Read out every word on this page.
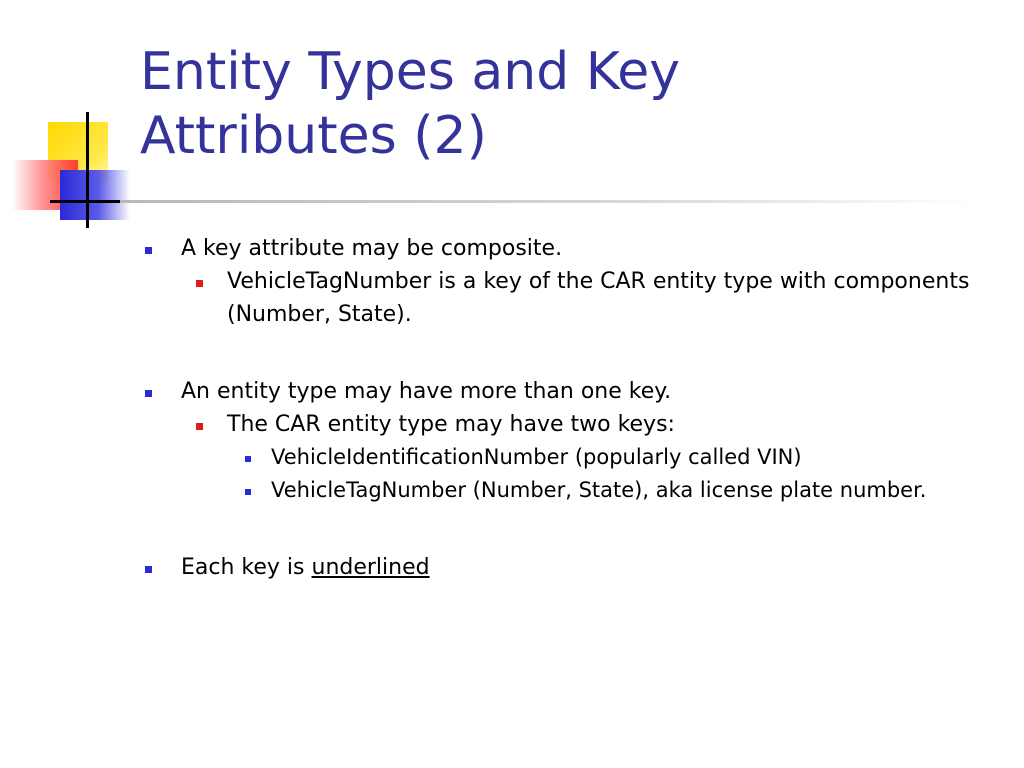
Entity Types and Key
Attributes (2)
A key attribute may be composite.
VehicleTagNumber is a key of the CAR entity type with components (Number, State).
An entity type may have more than one key.
The CAR entity type may have two keys:
VehicleIdentificationNumber (popularly called VIN)
VehicleTagNumber (Number, State), aka license plate number.
Each key is underlined
